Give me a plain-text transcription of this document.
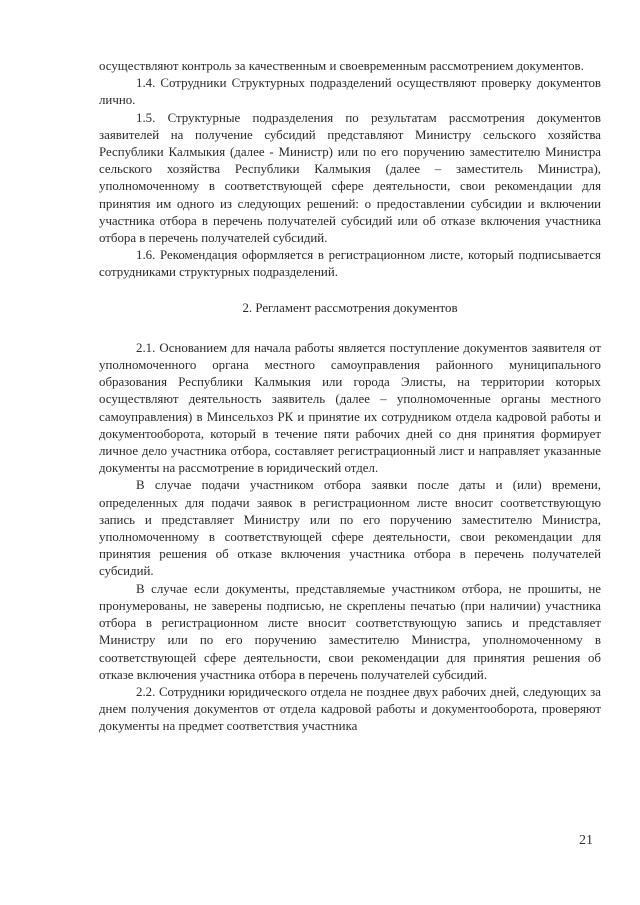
осуществляют контроль за качественным и своевременным рассмотрением документов.

1.4. Сотрудники Структурных подразделений осуществляют проверку документов лично.

1.5. Структурные подразделения по результатам рассмотрения документов заявителей на получение субсидий представляют Министру сельского хозяйства Республики Калмыкия (далее - Министр) или по его поручению заместителю Министра сельского хозяйства Республики Калмыкия (далее – заместитель Министра), уполномоченному в соответствующей сфере деятельности, свои рекомендации для принятия им одного из следующих решений: о предоставлении субсидии и включении участника отбора в перечень получателей субсидий или об отказе включения участника отбора в перечень получателей субсидий.

1.6. Рекомендация оформляется в регистрационном листе, который подписывается сотрудниками структурных подразделений.

2. Регламент рассмотрения документов

2.1. Основанием для начала работы является поступление документов заявителя от уполномоченного органа местного самоуправления районного муниципального образования Республики Калмыкия или города Элисты, на территории которых осуществляют деятельность заявитель (далее – уполномоченные органы местного самоуправления) в Минсельхоз РК и принятие их сотрудником отдела кадровой работы и документооборота, который в течение пяти рабочих дней со дня принятия формирует личное дело участника отбора, составляет регистрационный лист и направляет указанные документы на рассмотрение в юридический отдел.

В случае подачи участником отбора заявки после даты и (или) времени, определенных для подачи заявок в регистрационном листе вносит соответствующую запись и представляет Министру или по его поручению заместителю Министра, уполномоченному в соответствующей сфере деятельности, свои рекомендации для принятия решения об отказе включения участника отбора в перечень получателей субсидий.

В случае если документы, представляемые участником отбора, не прошиты, не пронумерованы, не заверены подписью, не скреплены печатью (при наличии) участника отбора в регистрационном листе вносит соответствующую запись и представляет Министру или по его поручению заместителю Министра, уполномоченному в соответствующей сфере деятельности, свои рекомендации для принятия решения об отказе включения участника отбора в перечень получателей субсидий.

2.2. Сотрудники юридического отдела не позднее двух рабочих дней, следующих за днем получения документов от отдела кадровой работы и документооборота, проверяют документы на предмет соответствия участника

21
